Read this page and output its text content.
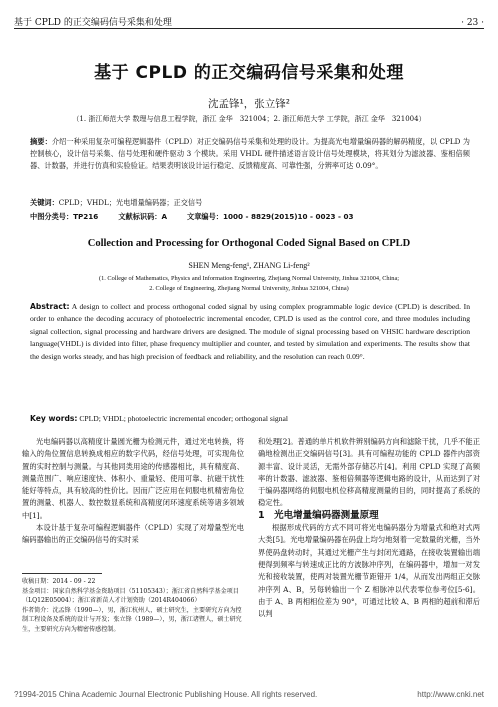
基于 CPLD 的正交编码信号采集和处理	· 23 ·
基于 CPLD 的正交编码信号采集和处理
沈孟锋¹，张立锋²
（1. 浙江师范大学 数理与信息工程学院，浙江 金华　321004；2. 浙江师范大学 工学院，浙江 金华　321004）
摘要：介绍一种采用复杂可编程逻辑器件（CPLD）对正交编码信号采集和处理的设计。为提高光电增量编码器的解码精度，以 CPLD 为控制核心，设计信号采集、信号处理和硬件驱动 3 个模块。采用 VHDL 硬件描述语言设计信号处理模块，将其划分为滤波器、鉴相倍频器、计数器，并进行仿真和实验验证。结果表明该设计运行稳定、反馈精度高、可靠性强，分辨率可达 0.09°。
关键词：CPLD；VHDL；光电增量编码器；正交信号
中图分类号：TP216	文献标识码：A	文章编号：1000 - 8829(2015)10 - 0023 - 03
Collection and Processing for Orthogonal Coded Signal Based on CPLD
SHEN Meng-feng¹, ZHANG Li-feng²
(1. College of Mathematics, Physics and Information Engineering, Zhejiang Normal University, Jinhua 321004, China;
2. College of Engineering, Zhejiang Normal University, Jinhua 321004, China)
Abstract: A design to collect and process orthogonal coded signal by using complex programmable logic device (CPLD) is described. In order to enhance the decoding accuracy of photoelectric incremental encoder, CPLD is used as the control core, and three modules including signal collection, signal processing and hardware drivers are designed. The module of signal processing based on VHSIC hardware description language(VHDL) is divided into filter, phase frequency multiplier and counter, and tested by simulation and experiments. The results show that the design works steady, and has high precision of feedback and reliability, and the resolution can reach 0.09°.
Key words: CPLD; VHDL; photoelectric incremental encoder; orthogonal signal

光电编码器以高精度计量圆光栅为检测元件，通过光电转换，将输入的角位置信息转换成相应的数字代码，经信号处理，可实现角位置的实时控制与测量。与其他同类用途的传感器相比，具有精度高、测量范围广、响应速度快、体积小、重量轻、使用可靠、抗磁干扰性能好等特点，具有较高的性价比。因而广泛应用在伺服电机精密角位置的测量、机器人、数控数显系统和高精度闭环速度系统等诸多领域中[1]。

本设计基于复杂可编程逻辑器件（CPLD）实现了对增量型光电编码器输出的正交编码信号的实时采

和处理[2]。普通的单片机软件辨别编码方向和滤除干扰，几乎不能正确地检测出正交编码信号[3]。具有可编程功能的 CPLD 器件内部资源丰富、设计灵活，无需外部存储芯片[4]。利用 CPLD 实现了高频率的计数器、滤波器、鉴相倍频器等逻辑电路的设计，从而达到了对于编码器网络的伺服电机位移高精度测量的目的，同时提高了系统的稳定性。

1　光电增量编码器测量原理

根据形成代码的方式不同可将光电编码器分为增量式和绝对式两大类[5]。光电增量编码器在码盘上均匀地刻着一定数量的光栅，当外界使码盘转动时，其通过光栅产生与封闭光通路，在接收装置输出端便得到频率与转速成正比的方波脉冲序列，在编码器中，增加一对发光和接收装置，使两对装置光栅节距错开 1/4，从而发出两组正交脉冲序列 A、B，另每转输出一个 Z 相脉冲以代表零位参考位[5-6]。由于 A、B 两相相位差为 90°，可通过比较 A、B 两相的超前和滞后以判

收稿日期：2014 - 09 - 22
基金项目：国家自然科学基金资助项目（51105343）；浙江省自然科学基金项目（LQ12E05004）；浙江省新苗人才计划资助（2014R404066）
作者简介：沈孟锋（1990—），男，浙江杭州人，硕士研究生，主要研究方向为控制工程设备及系统的设计与开发；张立锋（1989—），男，浙江诸暨人，硕士研究生，主要研究方向为精密传感控制。
?1994-2015 China Academic Journal Electronic Publishing House. All rights reserved.	http://www.cnki.net
